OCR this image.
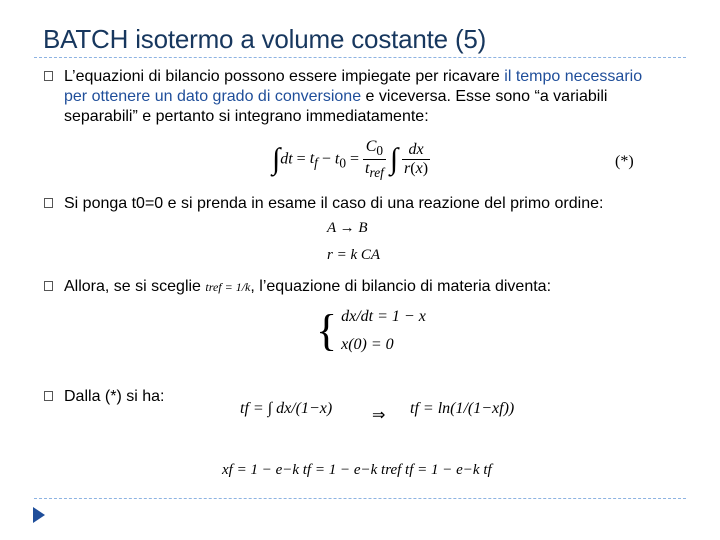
BATCH isotermo a volume costante (5)
L’equazioni di bilancio possono essere impiegate per ricavare il tempo necessario per ottenere un dato grado di conversione e viceversa. Esse sono “a variabili separabili” e pertanto si integrano immediatamente:
$\int dt = t_f - t_0 = \frac{C_0}{t_{ref}}$ ∫ $\frac{dx}{r(x)}$	(*)
Si ponga t0=0 e si prenda in esame il caso di una reazione del primo ordine:
A → B
r = k CA
Allora, se si sceglie tref = 1/k, l’equazione di bilancio di materia diventa:
{ dx/dt = 1 − x
x(0) = 0
Dalla (*) si ha:
tf = ∫ dx/(1−x) ⇒ tf = ln(1/(1−xf))
xf = 1 − e−k tf = 1 − e−k tref tf = 1 − e−k tf
